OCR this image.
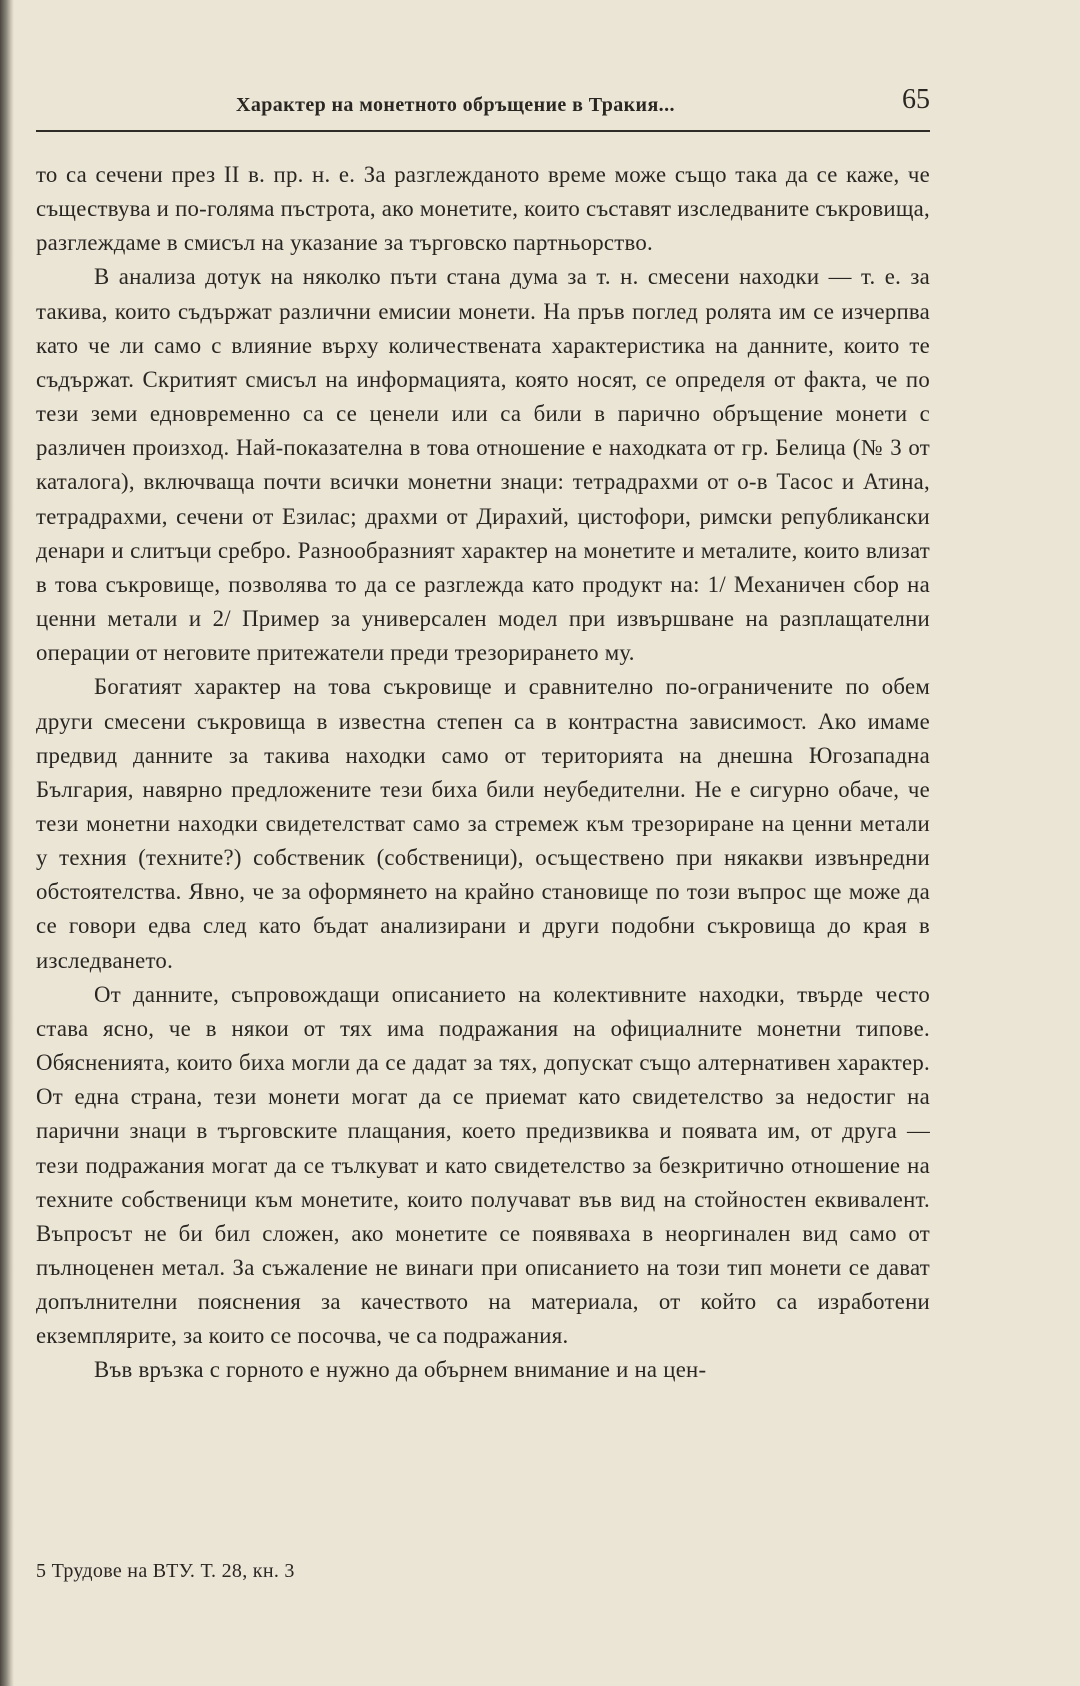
Характер на монетното обръщение в Тракия...	65

то са сечени през II в. пр. н. е. За разглежданото време може също така да се каже, че съществува и по-голяма пъстрота, ако монетите, които съставят изследваните съкровища, разглеждаме в смисъл на указание за търговско партньорство.

В анализа дотук на няколко пъти стана дума за т. н. смесени находки — т. е. за такива, които съдържат различни емисии монети. На пръв поглед ролята им се изчерпва като че ли само с влияние върху количествената характеристика на данните, които те съдържат. Скритият смисъл на информацията, която носят, се определя от факта, че по тези земи едновременно са се ценели или са били в парично обръщение монети с различен произход. Най-показателна в това отношение е находката от гр. Белица (№ 3 от каталога), включваща почти всички монетни знаци: тетрадрахми от о-в Тасос и Атина, тетрадрахми, сечени от Езилас; драхми от Дирахий, цистофори, римски републикански денари и слитъци сребро. Разнообразният характер на монетите и металите, които влизат в това съкровище, позволява то да се разглежда като продукт на: 1/ Механичен сбор на ценни метали и 2/ Пример за универсален модел при извършване на разплащателни операции от неговите притежатели преди трезорирането му.

Богатият характер на това съкровище и сравнително по-ограничените по обем други смесени съкровища в известна степен са в контрастна зависимост. Ако имаме предвид данните за такива находки само от територията на днешна Югозападна България, навярно предложените тези биха били неубедителни. Не е сигурно обаче, че тези монетни находки свидетелстват само за стремеж към трезориране на ценни метали у техния (техните?) собственик (собственици), осъществено при някакви извънредни обстоятелства. Явно, че за оформянето на крайно становище по този въпрос ще може да се говори едва след като бъдат анализирани и други подобни съкровища до края в изследването.

От данните, съпровождащи описанието на колективните находки, твърде често става ясно, че в някои от тях има подражания на официалните монетни типове. Обясненията, които биха могли да се дадат за тях, допускат също алтернативен характер. От една страна, тези монети могат да се приемат като свидетелство за недостиг на парични знаци в търговските плащания, което предизвиква и появата им, от друга — тези подражания могат да се тълкуват и като свидетелство за безкритично отношение на техните собственици към монетите, които получават във вид на стойностен еквивалент. Въпросът не би бил сложен, ако монетите се появяваха в неоргинален вид само от пълноценен метал. За съжаление не винаги при описанието на този тип монети се дават допълнителни пояснения за качеството на материала, от който са изработени екземплярите, за които се посочва, че са подражания.

Във връзка с горното е нужно да обърнем внимание и на цен-

5 Трудове на ВТУ. Т. 28, кн. 3
